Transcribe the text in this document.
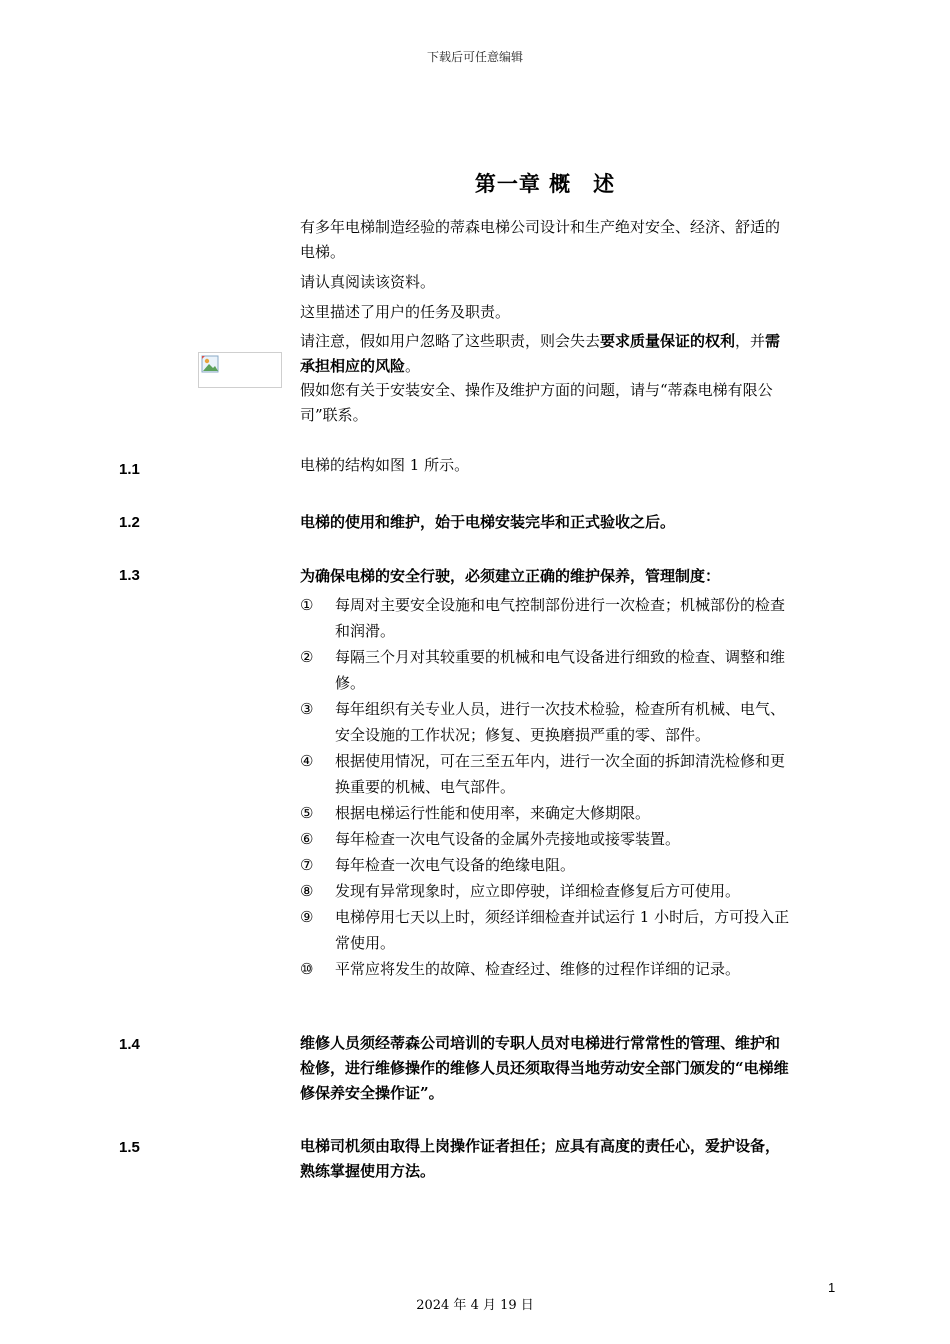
下载后可任意编辑
第一章 概　述
有多年电梯制造经验的蒂森电梯公司设计和生产绝对安全、经济、舒适的电梯。
请认真阅读该资料。
这里描述了用户的任务及职责。
请注意，假如用户忽略了这些职责，则会失去要求质量保证的权利，并需承担相应的风险。
假如您有关于安装安全、操作及维护方面的问题，请与“蒂森电梯有限公司”联系。
1.1	电梯的结构如图 1 所示。
1.2	电梯的使用和维护，始于电梯安装完毕和正式验收之后。
1.3	为确保电梯的安全行驶，必须建立正确的维护保养，管理制度：
①	每周对主要安全设施和电气控制部份进行一次检查；机械部份的检查和润滑。
②	每隔三个月对其较重要的机械和电气设备进行细致的检查、调整和维修。
③	每年组织有关专业人员，进行一次技术检验，检查所有机械、电气、安全设施的工作状况；修复、更换磨损严重的零、部件。
④	根据使用情况，可在三至五年内，进行一次全面的拆卸清洗检修和更换重要的机械、电气部件。
⑤	根据电梯运行性能和使用率，来确定大修期限。
⑥	每年检查一次电气设备的金属外壳接地或接零装置。
⑦	每年检查一次电气设备的绝缘电阻。
⑧	发现有异常现象时，应立即停驶，详细检查修复后方可使用。
⑨	电梯停用七天以上时，须经详细检查并试运行 1 小时后，方可投入正常使用。
⑩	平常应将发生的故障、检查经过、维修的过程作详细的记录。
1.4	维修人员须经蒂森公司培训的专职人员对电梯进行常常性的管理、维护和检修，进行维修操作的维修人员还须取得当地劳动安全部门颁发的“电梯维修保养安全操作证”。
1.5	电梯司机须由取得上岗操作证者担任；应具有高度的责任心，爱护设备，熟练掌握使用方法。
1
2024 年 4 月 19 日
